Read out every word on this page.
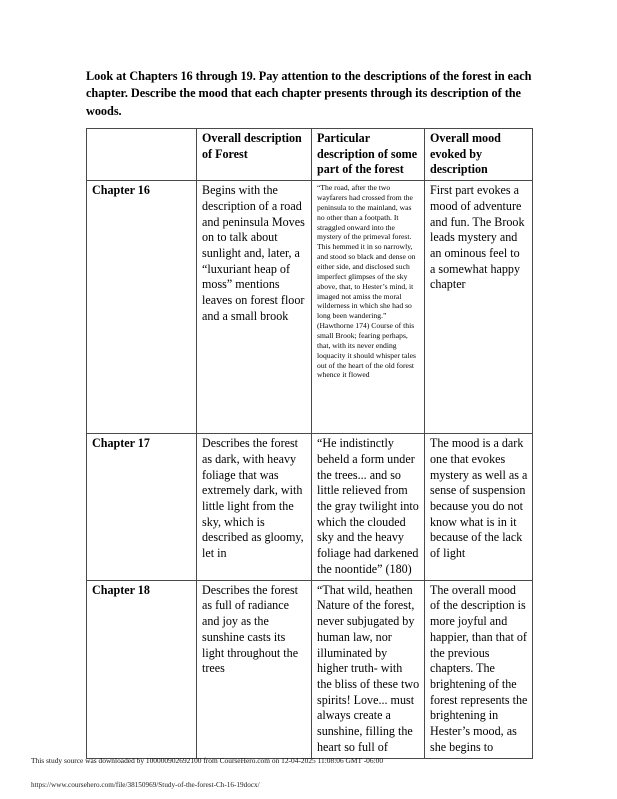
Look at Chapters 16 through 19. Pay attention to the descriptions of the forest in each chapter. Describe the mood that each chapter presents through its description of the woods.
	Overall description of Forest	Particular description of some part of the forest	Overall mood evoked by description
Chapter 16	Begins with the description of a road and peninsula Moves on to talk about sunlight and, later, a “luxuriant heap of moss” mentions leaves on forest floor and a small brook	“The road, after the two wayfarers had crossed from the peninsula to the mainland, was no other than a footpath. It straggled onward into the mystery of the primeval forest. This hemmed it in so narrowly, and stood so black and dense on either side, and disclosed such imperfect glimpses of the sky above, that, to Hester’s mind, it imaged not amiss the moral wilderness in which she had so long been wandering.” (Hawthorne 174) Course of this small Brook; fearing perhaps, that, with its never ending loquacity it should whisper tales out of the heart of the old forest whence it flowed	First part evokes a mood of adventure and fun. The Brook leads mystery and an ominous feel to a somewhat happy chapter
Chapter 17	Describes the forest as dark, with heavy foliage that was extremely dark, with little light from the sky, which is described as gloomy, let in	“He indistinctly beheld a form under the trees... and so little relieved from the gray twilight into which the clouded sky and the heavy foliage had darkened the noontide” (180)	The mood is a dark one that evokes mystery as well as a sense of suspension because you do not know what is in it because of the lack of light
Chapter 18	Describes the forest as full of radiance and joy as the sunshine casts its light throughout the trees	“That wild, heathen Nature of the forest, never subjugated by human law, nor illuminated by higher truth- with the bliss of these two spirits! Love... must always create a sunshine, filling the heart so full of	The overall mood of the description is more joyful and happier, than that of the previous chapters. The brightening of the forest represents the brightening in Hester’s mood, as she begins to
This study source was downloaded by 100000902692100 from CourseHero.com on 12-04-2025 11:08:06 GMT -06:00
https://www.coursehero.com/file/38150969/Study-of-the-forest-Ch-16-19docx/
